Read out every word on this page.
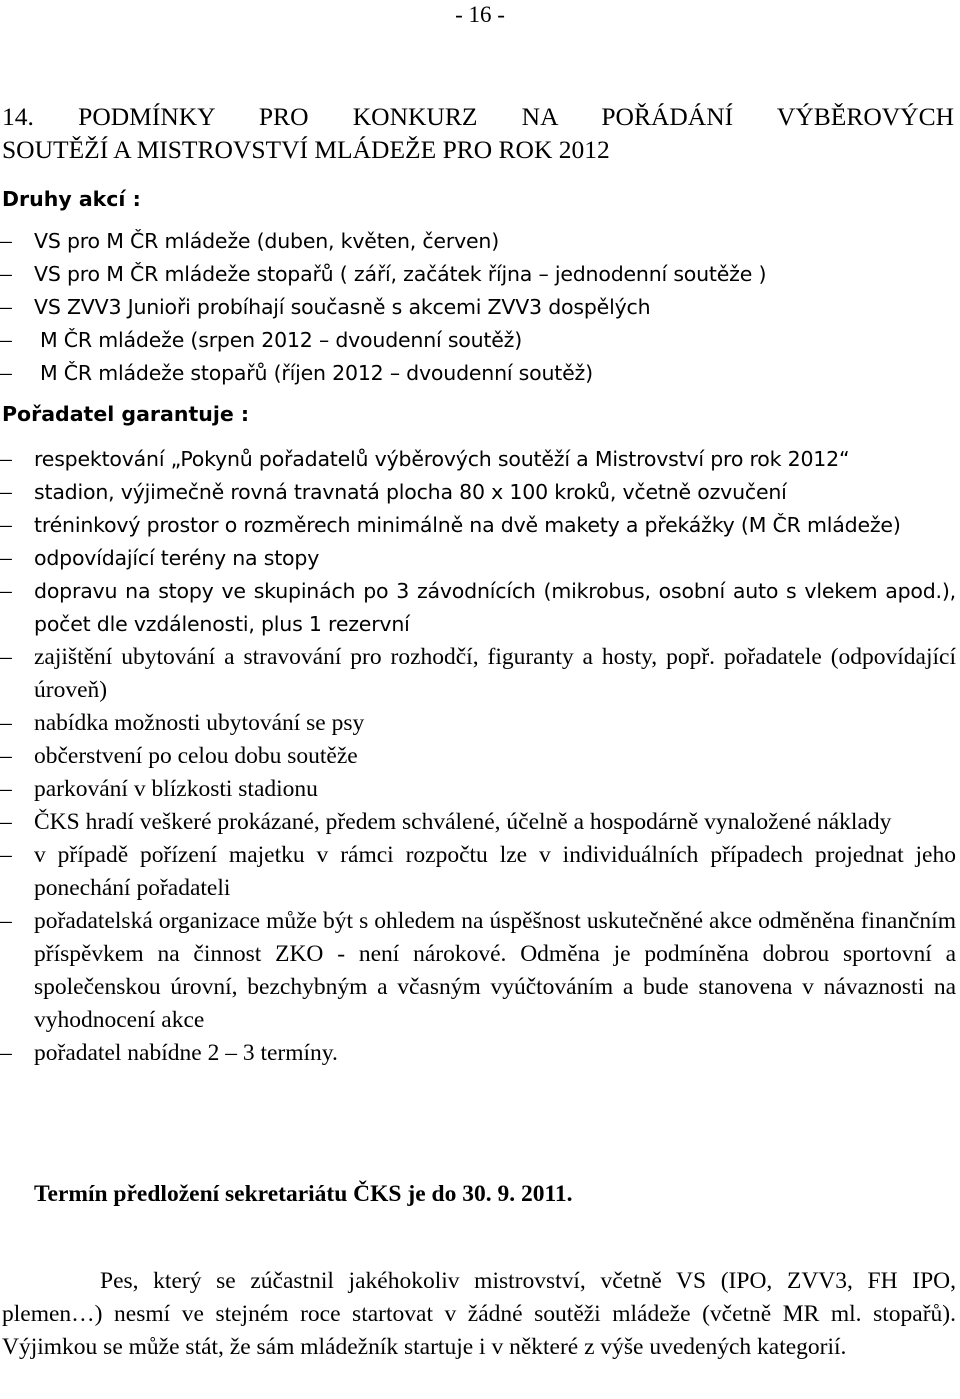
- 16 -
14. PODMÍNKY PRO KONKURZ NA POŘÁDÁNÍ VÝBĚROVÝCH
SOUTĚŽÍ A MISTROVSTVÍ MLÁDEŽE PRO ROK 2012
Druhy akcí :
–	VS pro M ČR mládeže (duben, květen, červen)
–	VS pro M ČR mládeže stopařů ( září, začátek října – jednodenní soutěže )
–	VS ZVV3 Junioři probíhají současně s akcemi ZVV3 dospělých
–	M ČR mládeže (srpen 2012 – dvoudenní soutěž)
–	M ČR mládeže stopařů (říjen 2012 – dvoudenní soutěž)
Pořadatel garantuje :
–	respektování „Pokynů pořadatelů výběrových soutěží a Mistrovství pro rok 2012“
–	stadion, výjimečně rovná travnatá plocha 80 x 100 kroků, včetně ozvučení
–	tréninkový prostor o rozměrech minimálně na dvě makety a překážky (M ČR mládeže)
–	odpovídající terény na stopy
–	dopravu na stopy ve skupinách po 3 závodnících (mikrobus, osobní auto s vlekem apod.), počet dle vzdálenosti, plus 1 rezervní
– zajištění ubytování a stravování pro rozhodčí, figuranty a hosty, popř. pořadatele (odpovídající úroveň)
– nabídka možnosti ubytování se psy
– občerstvení po celou dobu soutěže
– parkování v blízkosti stadionu
– ČKS hradí veškeré prokázané, předem schválené, účelně a hospodárně vynaložené náklady
– v případě pořízení majetku v rámci rozpočtu lze v individuálních případech projednat jeho ponechání pořadateli
– pořadatelská organizace může být s ohledem na úspěšnost uskutečněné akce odměněna finančním příspěvkem na činnost ZKO - není nárokové. Odměna je podmíněna dobrou sportovní a společenskou úrovní, bezchybným a včasným vyúčtováním a bude stanovena v návaznosti na vyhodnocení akce
– pořadatel nabídne 2 – 3 termíny.
Termín předložení sekretariátu ČKS je do 30. 9. 2011.

Pes, který se zúčastnil jakéhokoliv mistrovství, včetně VS (IPO, ZVV3, FH IPO, plemen…) nesmí ve stejném roce startovat v žádné soutěži mládeže (včetně MR ml. stopařů). Výjimkou se může stát, že sám mládežník startuje i v některé z výše uvedených kategorií.
